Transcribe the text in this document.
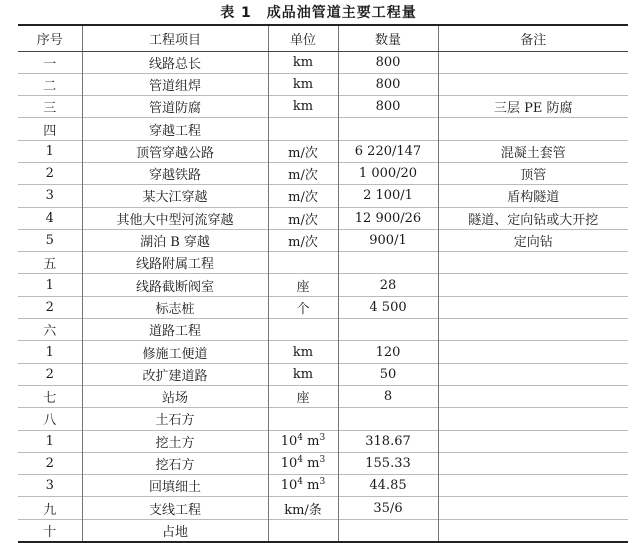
表 1　成品油管道主要工程量
序号	工程项目	单位	数量	备注
一	线路总长	km	800	
二	管道组焊	km	800	
三	管道防腐	km	800	三层 PE 防腐
四	穿越工程			
1	顶管穿越公路	m/次	6 220/147	混凝土套管
2	穿越铁路	m/次	1 000/20	顶管
3	某大江穿越	m/次	2 100/1	盾构隧道
4	其他大中型河流穿越	m/次	12 900/26	隧道、定向钻或大开挖
5	湖泊 B 穿越	m/次	900/1	定向钻
五	线路附属工程			
1	线路截断阀室	座	28	
2	标志桩	个	4 500	
六	道路工程			
1	修施工便道	km	120	
2	改扩建道路	km	50	
七	站场	座	8	
八	土石方			
1	挖土方	$10^4$ $m^3$	318.67	
2	挖石方	$10^4$ $m^3$	155.33	
3	回填细土	$10^4$ $m^3$	44.85	
九	支线工程	km/条	35/6	
十	占地			
